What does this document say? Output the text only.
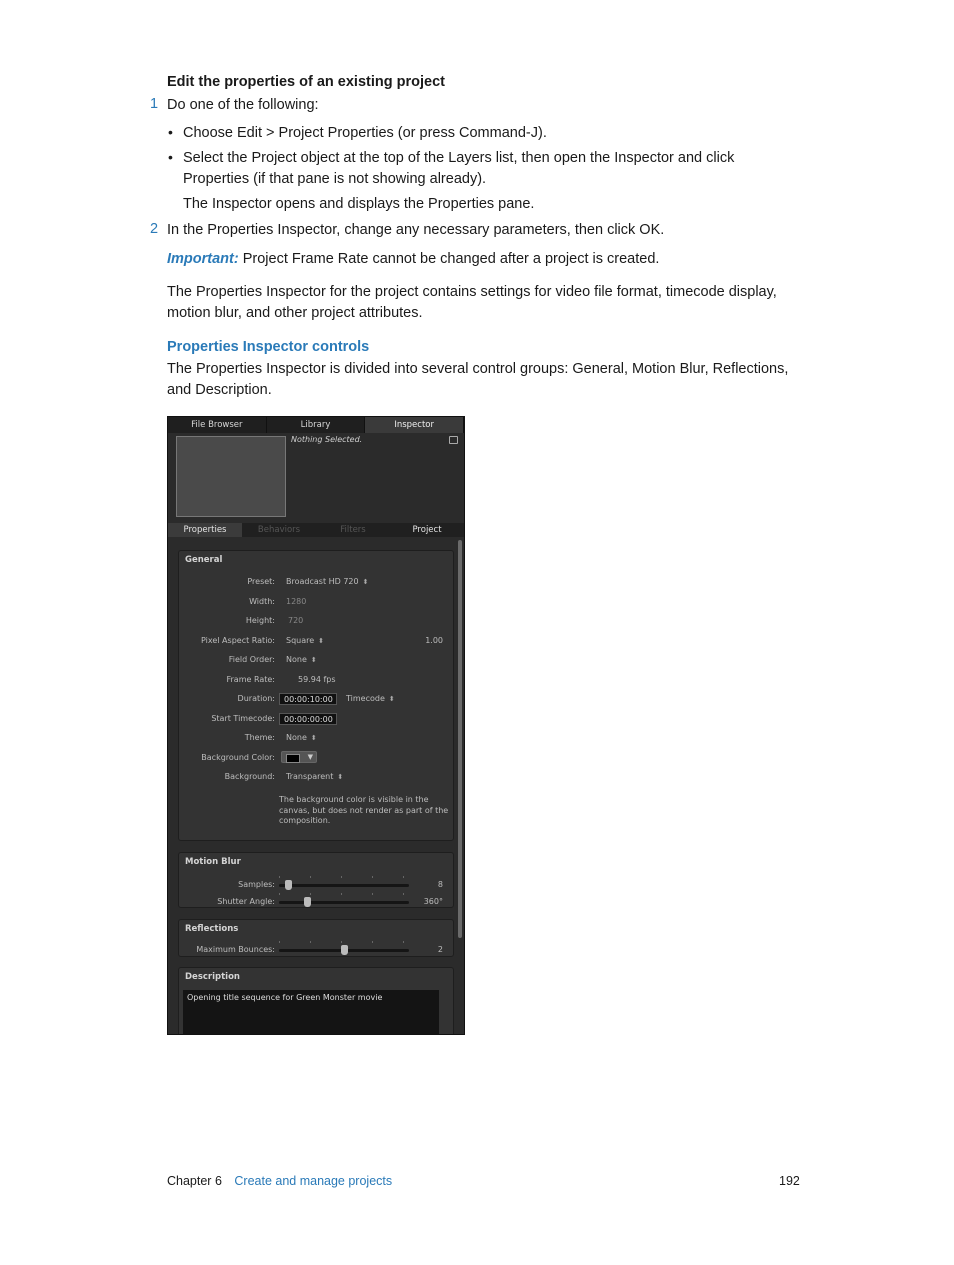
Edit the properties of an existing project
1 Do one of the following:
• Choose Edit > Project Properties (or press Command-J).
• Select the Project object at the top of the Layers list, then open the Inspector and click
Properties (if that pane is not showing already).
The Inspector opens and displays the Properties pane.
2 In the Properties Inspector, change any necessary parameters, then click OK.
Important: Project Frame Rate cannot be changed after a project is created.
The Properties Inspector for the project contains settings for video file format, timecode display,
motion blur, and other project attributes.
Properties Inspector controls
The Properties Inspector is divided into several control groups: General, Motion Blur, Reflections,
and Description.
File Browser	Library	Inspector
Nothing Selected.
Properties	Behaviors	Filters	Project
General
Preset: Broadcast HD 720 ⬍
Width: 1280
Height: 720
Pixel Aspect Ratio: Square ⬍	1.00
Field Order: None ⬍
Frame Rate:	59.94 fps
Duration:	00:00:10:00	Timecode ⬍
Start Timecode:	00:00:00:00
Theme: None ⬍
Background Color:	▼
Background: Transparent ⬍
The background color is visible in the
canvas, but does not render as part of the
composition.
Motion Blur
Samples:	8
Shutter Angle:	360°
Reflections
Maximum Bounces:	2
Description
Opening title sequence for Green Monster movie
Chapter 6 Create and manage projects	192
